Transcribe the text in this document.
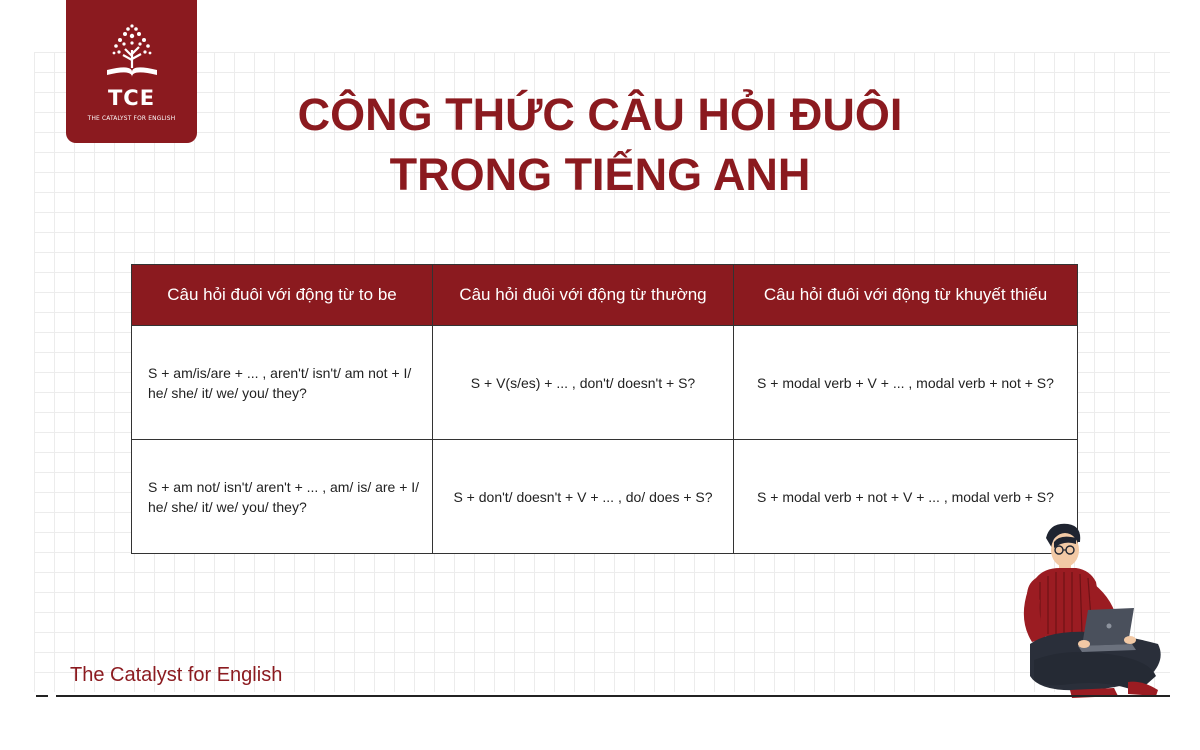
TCE
THE CATALYST FOR ENGLISH	CÔNG THỨC CÂU HỎI ĐUÔI
TRONG TIẾNG ANH
Câu hỏi đuôi với động từ to be	Câu hỏi đuôi với động từ thường	Câu hỏi đuôi với động từ khuyết thiếu
S + am/is/are + ... , aren't/ isn't/ am not + I/ he/ she/ it/ we/ you/ they?	S + V(s/es) + ... , don't/ doesn't + S?	S + modal verb + V + ... , modal verb + not + S?
S + am not/ isn't/ aren't + ... , am/ is/ are + I/ he/ she/ it/ we/ you/ they?	S + don't/ doesn't + V + ... , do/ does + S?	S + modal verb + not + V + ... , modal verb + S?
The Catalyst for English
